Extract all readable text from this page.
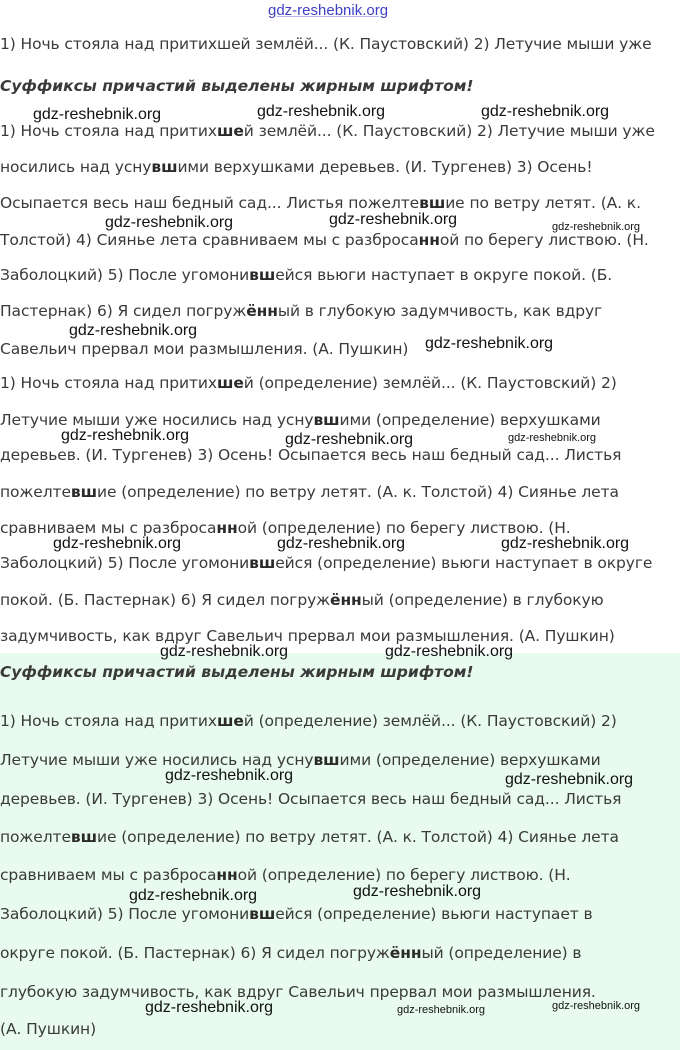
gdz-reshebnik.org

1) Ночь стояла над притихшей землёй... (К. Паустовский) 2) Летучие мыши уже

Суффиксы причастий выделены жирным шрифтом!

1) Ночь стояла над притихшей землёй... (К. Паустовский) 2) Летучие мыши уже

носились над уснувшими верхушками деревьев. (И. Тургенев) 3) Осень!

Осыпается весь наш бедный сад... Листья пожелтевшие по ветру летят. (А. к.

Толстой) 4) Сиянье лета сравниваем мы с разбросанной по берегу листвою. (Н.

Заболоцкий) 5) После угомонившейся вьюги наступает в округе покой. (Б.

Пастернак) 6) Я сидел погружённый в глубокую задумчивость, как вдруг

Савельич прервал мои размышления. (А. Пушкин)

1) Ночь стояла над притихшей (определение) землёй... (К. Паустовский) 2)

Летучие мыши уже носились над уснувшими (определение) верхушками

деревьев. (И. Тургенев) 3) Осень! Осыпается весь наш бедный сад... Листья

пожелтевшие (определение) по ветру летят. (А. к. Толстой) 4) Сиянье лета

сравниваем мы с разбросанной (определение) по берегу листвою. (Н.

Заболоцкий) 5) После угомонившейся (определение) вьюги наступает в округе

покой. (Б. Пастернак) 6) Я сидел погружённый (определение) в глубокую

задумчивость, как вдруг Савельич прервал мои размышления. (А. Пушкин)

Суффиксы причастий выделены жирным шрифтом!

1) Ночь стояла над притихшей (определение) землёй... (К. Паустовский) 2)

Летучие мыши уже носились над уснувшими (определение) верхушками

деревьев. (И. Тургенев) 3) Осень! Осыпается весь наш бедный сад... Листья

пожелтевшие (определение) по ветру летят. (А. к. Толстой) 4) Сиянье лета

сравниваем мы с разбросанной (определение) по берегу листвою. (Н.

Заболоцкий) 5) После угомонившейся (определение) вьюги наступает в

округе покой. (Б. Пастернак) 6) Я сидел погружённый (определение) в

глубокую задумчивость, как вдруг Савельич прервал мои размышления.

(А. Пушкин)

gdz-reshebnik.org	gdz-reshebnik.org	gdz-reshebnik.org
gdz-reshebnik.org	gdz-reshebnik.org	gdz-reshebnik.org
gdz-reshebnik.org
gdz-reshebnik.org
gdz-reshebnik.org	gdz-reshebnik.org	gdz-reshebnik.org
gdz-reshebnik.org	gdz-reshebnik.org	gdz-reshebnik.org
gdz-reshebnik.org	gdz-reshebnik.org
gdz-reshebnik.org	gdz-reshebnik.org
gdz-reshebnik.org	gdz-reshebnik.org
gdz-reshebnik.org	gdz-reshebnik.org	gdz-reshebnik.org
